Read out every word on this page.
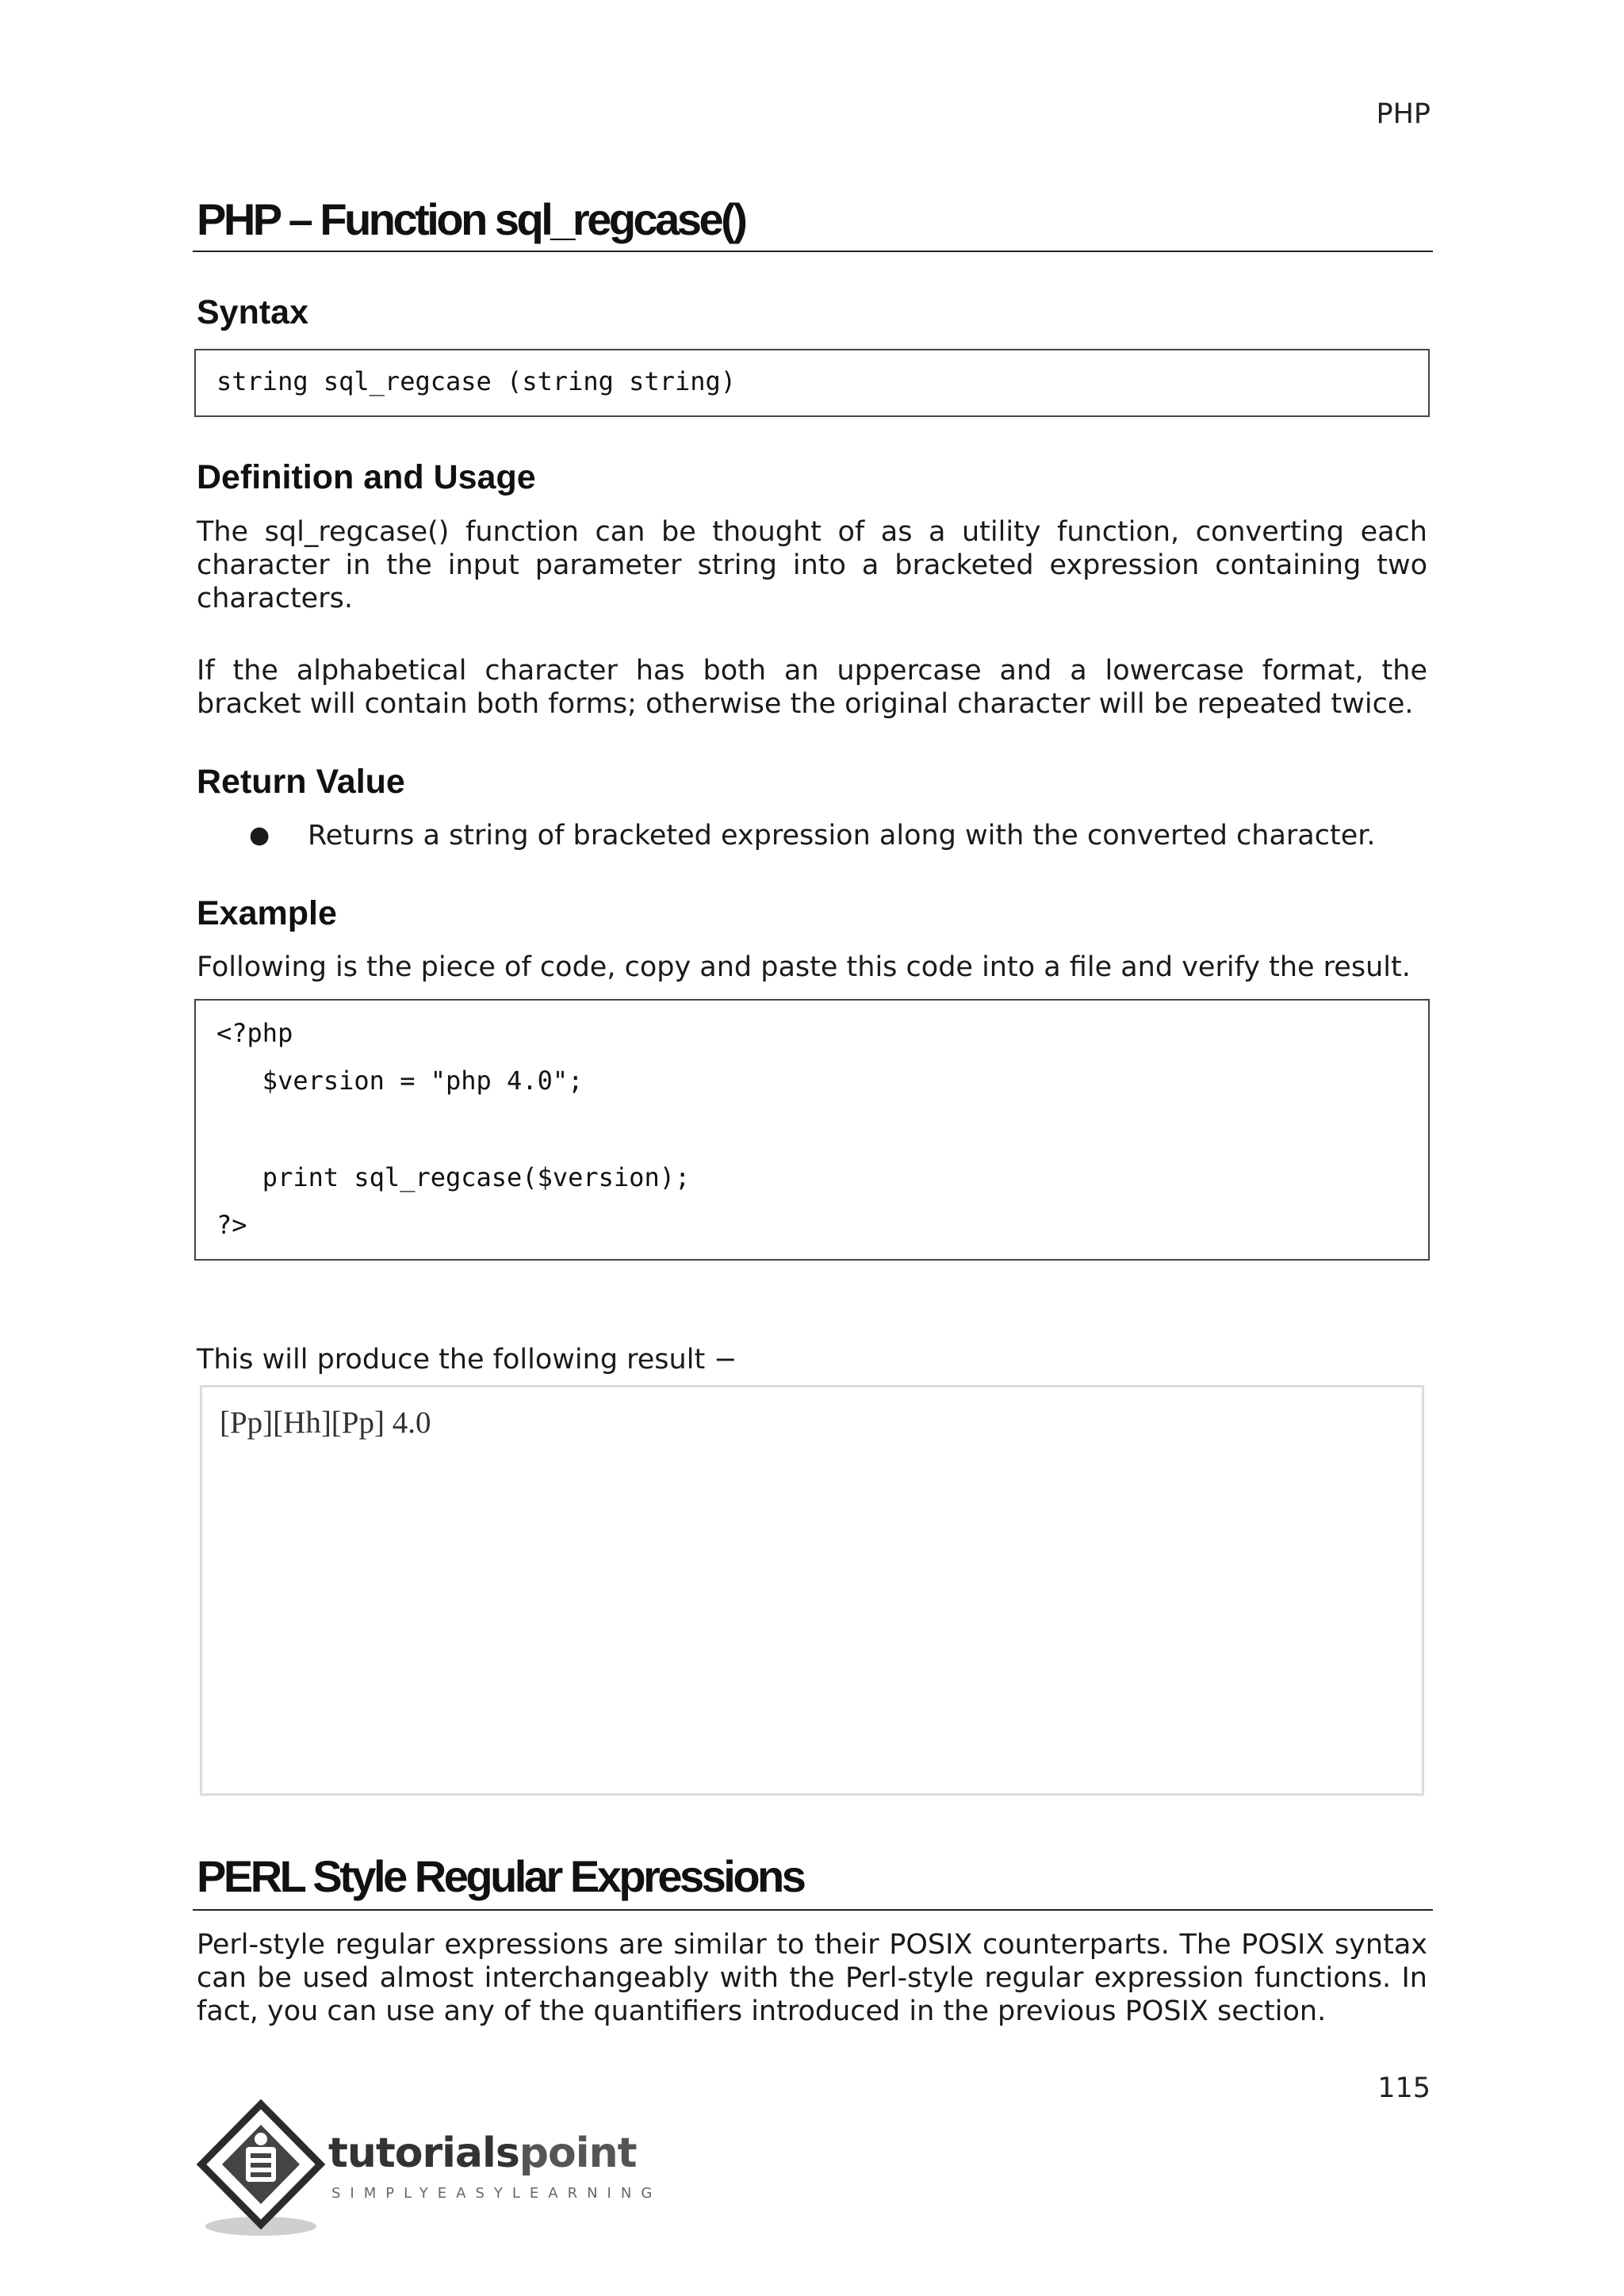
PHP
PHP – Function sql_regcase()
Syntax
string sql_regcase (string string)
Definition and Usage

The sql_regcase() function can be thought of as a utility function, converting each character in the input parameter string into a bracketed expression containing two characters.

If the alphabetical character has both an uppercase and a lowercase format, the bracket will contain both forms; otherwise the original character will be repeated twice.

Return Value
● Returns a string of bracketed expression along with the converted character.
Example

Following is the piece of code, copy and paste this code into a file and verify the result.

<?php
$version = "php 4.0";
print sql_regcase($version);
?>

This will produce the following result −

[Pp][Hh][Pp] 4.0
PERL Style Regular Expressions

Perl-style regular expressions are similar to their POSIX counterparts. The POSIX syntax can be used almost interchangeably with the Perl-style regular expression functions. In fact, you can use any of the quantifiers introduced in the previous POSIX section.

115
tutorialspoint
SIMPLYEASYLEARNING
